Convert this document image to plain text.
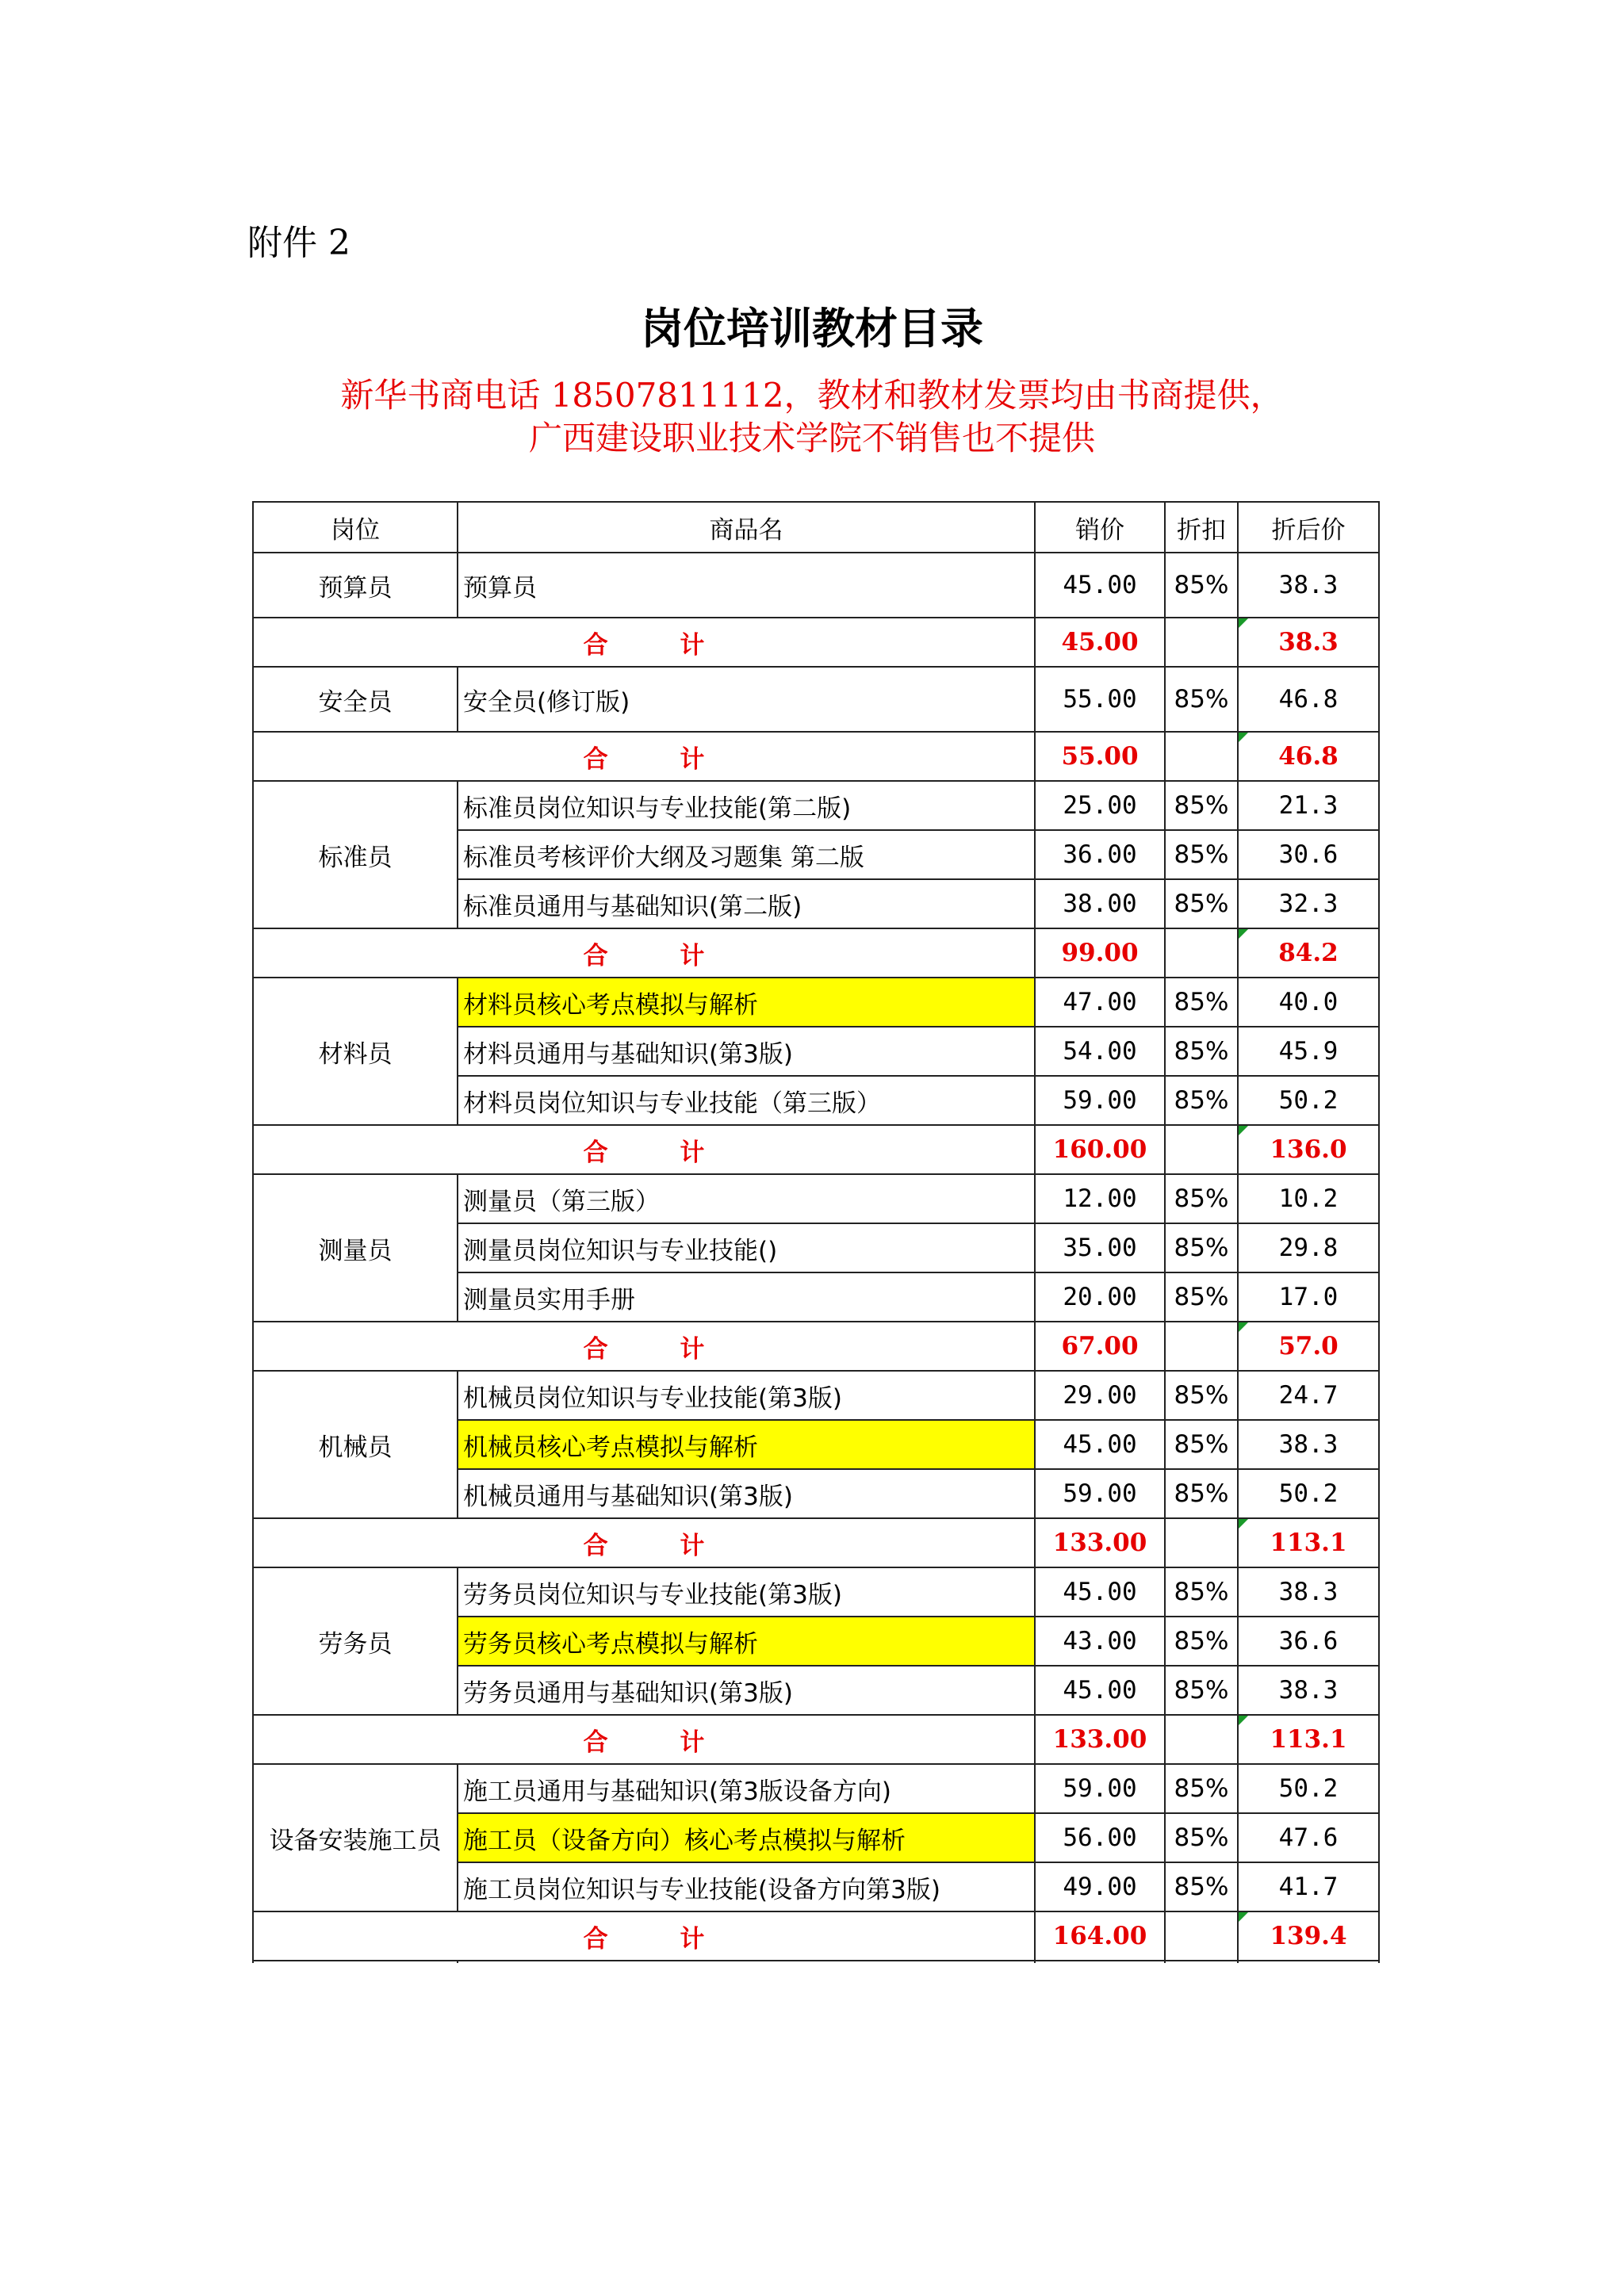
附件 2
岗位培训教材目录
新华书商电话 18507811112，教材和教材发票均由书商提供，
广西建设职业技术学院不销售也不提供
岗位	商品名	销价	折扣	折后价
预算员	预算员	45.00	85%	38.3
合 计		45.00		38.3
安全员	安全员(修订版)	55.00	85%	46.8
合 计		55.00		46.8
标准员	标准员岗位知识与专业技能(第二版)	25.00	85%	21.3
	标准员考核评价大纲及习题集 第二版	36.00	85%	30.6
	标准员通用与基础知识(第二版)	38.00	85%	32.3
合 计		99.00		84.2
材料员	材料员核心考点模拟与解析	47.00	85%	40.0
	材料员通用与基础知识(第3版)	54.00	85%	45.9
	材料员岗位知识与专业技能（第三版）	59.00	85%	50.2
合 计		160.00		136.0
测量员	测量员（第三版）	12.00	85%	10.2
	测量员岗位知识与专业技能()	35.00	85%	29.8
	测量员实用手册	20.00	85%	17.0
合 计		67.00		57.0
机械员	机械员岗位知识与专业技能(第3版)	29.00	85%	24.7
	机械员核心考点模拟与解析	45.00	85%	38.3
	机械员通用与基础知识(第3版)	59.00	85%	50.2
合 计		133.00		113.1
劳务员	劳务员岗位知识与专业技能(第3版)	45.00	85%	38.3
	劳务员核心考点模拟与解析	43.00	85%	36.6
	劳务员通用与基础知识(第3版)	45.00	85%	38.3
合 计		133.00		113.1
设备安装施工员	施工员通用与基础知识(第3版设备方向)	59.00	85%	50.2
	施工员（设备方向）核心考点模拟与解析	56.00	85%	47.6
	施工员岗位知识与专业技能(设备方向第3版)	49.00	85%	41.7
合 计		164.00		139.4
